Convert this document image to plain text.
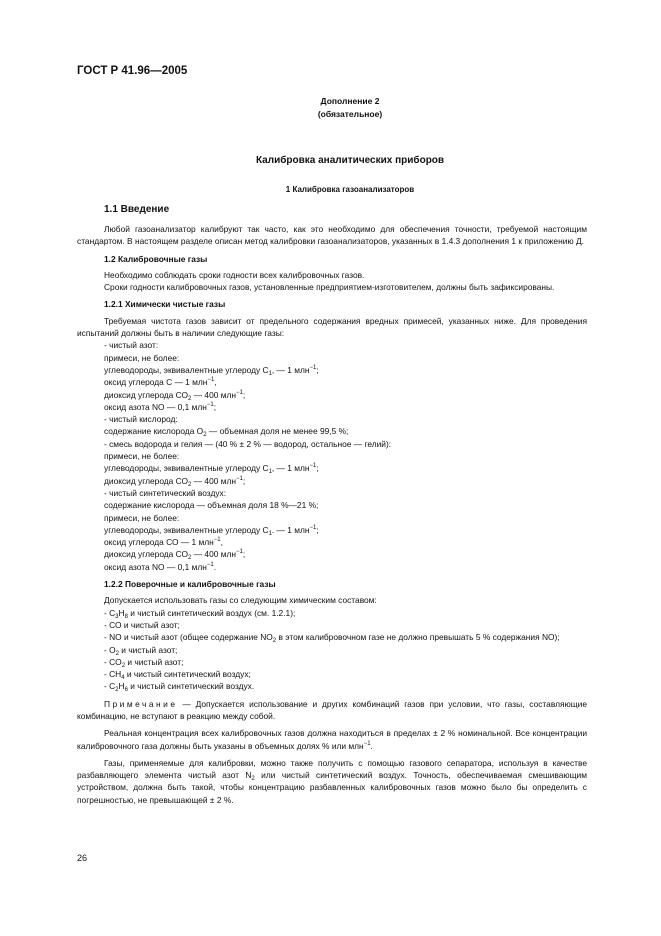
ГОСТ Р 41.96—2005
Дополнение 2
(обязательное)
Калибровка аналитических приборов
1 Калибровка газоанализаторов
1.1 Введение

Любой газоанализатор калибруют так часто, как это необходимо для обеспечения точности, требуемой настоящим стандартом. В настоящем разделе описан метод калибровки газоанализаторов, указанных в 1.4.3 дополнения 1 к приложению Д.

1.2 Калибровочные газы

Необходимо соблюдать сроки годности всех калибровочных газов.

Сроки годности калибровочных газов, установленные предприятием-изготовителем, должны быть зафиксированы.

1.2.1 Химически чистые газы

Требуемая чистота газов зависит от предельного содержания вредных примесей, указанных ниже. Для проведения испытаний должны быть в наличии следующие газы:

- чистый азот:
примеси, не более:
углеводороды, эквивалентные углероду $C_1$, — 1 млн$^{-1}$;
оксид углерода С — 1 млн$^{-1}$,
диоксид углерода $СО_2$ — 400 млн$^{-1}$;
оксид азота NO — 0,1 млн$^{-1}$;
- чистый кислород:
содержание кислорода $О_2$ — объемная доля не менее 99,5 %;
- смесь водорода и гелия — (40 % ± 2 % — водород, остальное — гелий):
примеси, не более:
углеводороды, эквивалентные углероду $C_1$, — 1 млн$^{-1}$;
диоксид углерода $СО_2$ — 400 млн$^{-1}$;
- чистый синтетический воздух:
содержание кислорода — объемная доля 18 %—21 %;
примеси, не более:
углеводороды, эквивалентные углероду $C_1$. — 1 млн$^{-1}$;
оксид углерода СО — 1 млн$^{-1}$,
диоксид углерода $СО_2$ — 400 млн$^{-1}$;
оксид азота NO — 0,1 млн$^{-1}$.
1.2.2 Поверочные и калибровочные газы

Допускается использовать газы со следующим химическим составом:

- $C_3H_8$ и чистый синтетический воздух (см. 1.2.1);
- СО и чистый азот;

- NO и чистый азот (общее содержание $NO_2$ в этом калибровочном газе не должно превышать 5 % содержания NO);

- $O_2$ и чистый азот;
- $CO_2$ и чистый азот;
- $CH_4$ и чистый синтетический воздух;
- $C_2H_6$ и чистый синтетический воздух.

Примечание — Допускается использование и других комбинаций газов при условии, что газы, составляющие комбинацию, не вступают в реакцию между собой.

Реальная концентрация всех калибровочных газов должна находиться в пределах ± 2 % номинальной. Все концентрации калибровочного газа должны быть указаны в объемных долях % или млн$^{-1}$.

Газы, применяемые для калибровки, можно также получить с помощью газового сепаратора, используя в качестве разбавляющего элемента чистый азот $N_2$ или чистый синтетический воздух. Точность, обеспечиваемая смешивающим устройством, должна быть такой, чтобы концентрацию разбавленных калибровочных газов можно было бы определить с погрешностью, не превышающей ± 2 %.

26
